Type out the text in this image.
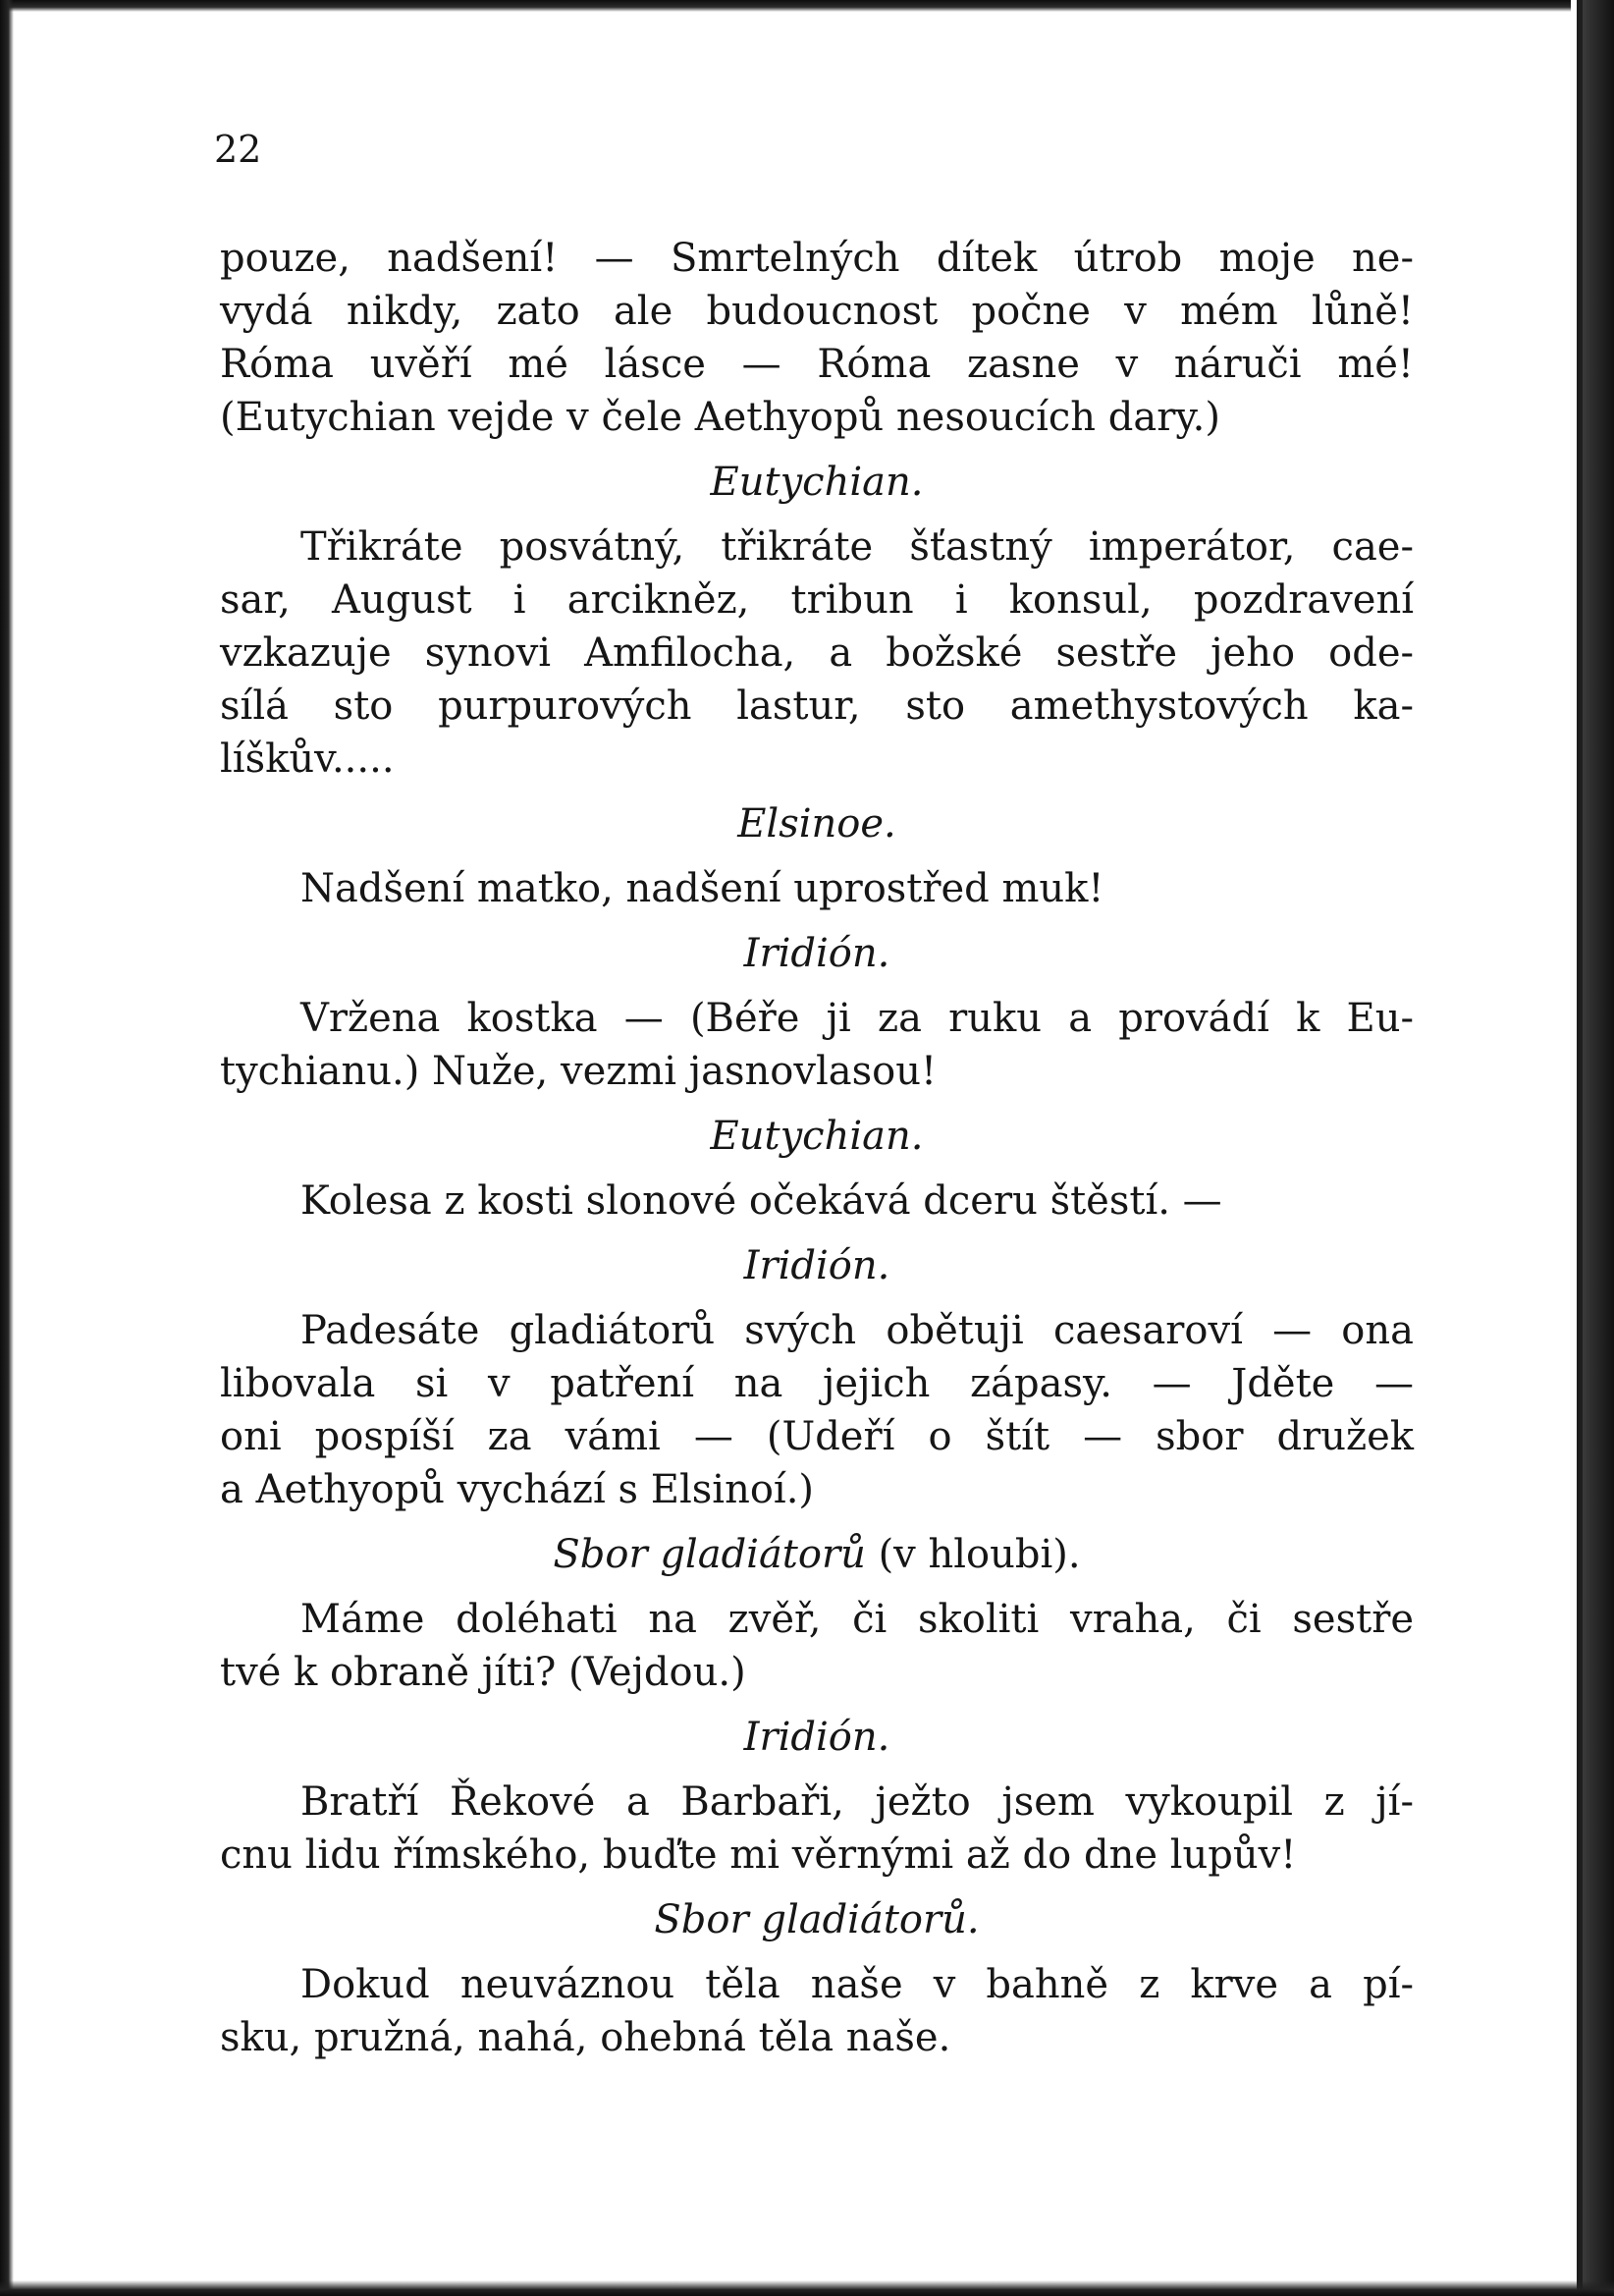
22
pouze, nadšení! — Smrtelných dítek útrob moje ne-
vydá nikdy, zato ale budoucnost počne v mém lůně!
Róma uvěří mé lásce — Róma zasne v náruči mé!
(Eutychian vejde v čele Aethyopů nesoucích dary.)
Eutychian.
Třikráte posvátný, třikráte šťastný imperátor, cae-
sar, August i arcikněz, tribun i konsul, pozdravení
vzkazuje synovi Amfilocha, a božské sestře jeho ode-
sílá sto purpurových lastur, sto amethystových ka-
líškův.....
Elsinoe.
Nadšení matko, nadšení uprostřed muk!
Iridión.
Vržena kostka — (Béře ji za ruku a provádí k Eu-
tychianu.) Nuže, vezmi jasnovlasou!
Eutychian.
Kolesa z kosti slonové očekává dceru štěstí. —
Iridión.
Padesáte gladiátorů svých obětuji caesaroví — ona
libovala si v patření na jejich zápasy. — Jděte —
oni pospíší za vámi — (Udeří o štít — sbor družek
a Aethyopů vychází s Elsinoí.)
Sbor gladiátorů (v hloubi).
Máme doléhati na zvěř, či skoliti vraha, či sestře
tvé k obraně jíti? (Vejdou.)
Iridión.
Bratří Řekové a Barbaři, ježto jsem vykoupil z jí-
cnu lidu římského, buďte mi věrnými až do dne lupův!
Sbor gladiátorů.
Dokud neuváznou těla naše v bahně z krve a pí-
sku, pružná, nahá, ohebná těla naše.
